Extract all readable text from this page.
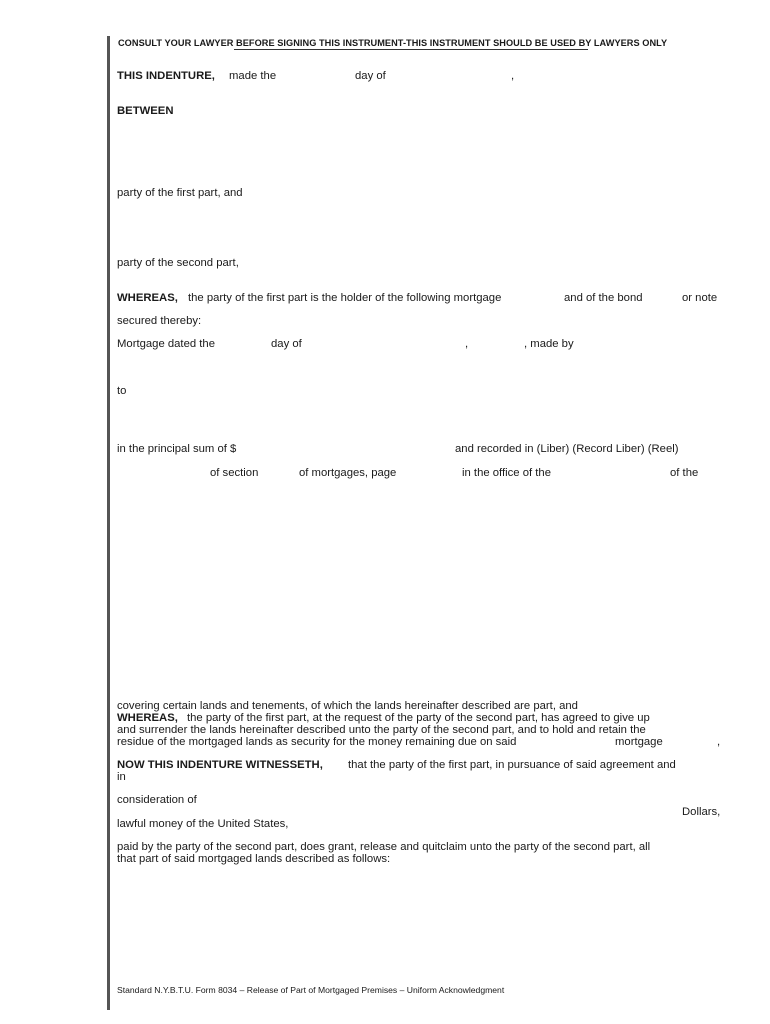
CONSULT YOUR LAWYER BEFORE SIGNING THIS INSTRUMENT-THIS INSTRUMENT SHOULD BE USED BY LAWYERS ONLY
THIS INDENTURE, made the	day of	,
BETWEEN
party of the first part, and
party of the second part,
WHEREAS, the party of the first part is the holder of the following mortgage	and of the bond	or note
secured thereby:
Mortgage dated the	day of	,	, made by
to
in the principal sum of $	and recorded in (Liber) (Record Liber) (Reel)
of section	of mortgages, page	in the office of the	of the
covering certain lands and tenements, of which the lands hereinafter described are part, and
WHEREAS, the party of the first part, at the request of the party of the second part, has agreed to give up
and surrender the lands hereinafter described unto the party of the second part, and to hold and retain the
residue of the mortgaged lands as security for the money remaining due on said	mortgage	,
NOW THIS INDENTURE WITNESSETH, that the party of the first part, in pursuance of said agreement and
in
consideration of
Dollars,
lawful money of the United States,
paid by the party of the second part, does grant, release and quitclaim unto the party of the second part, all
that part of said mortgaged lands described as follows:
Standard N.Y.B.T.U. Form 8034 – Release of Part of Mortgaged Premises – Uniform Acknowledgment
